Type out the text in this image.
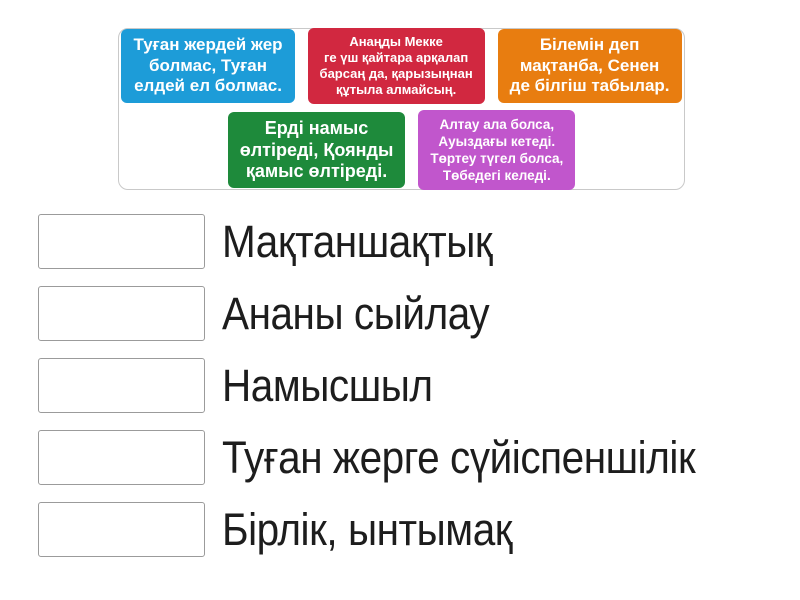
Туған жердей жер
болмас, Туған
елдей ел болмас.
Анаңды Мекке
ге үш қайтара арқалап
барсаң да, қарызыңнан
құтыла алмайсың.
Білемін деп
мақтанба, Сенен
де білгіш табылар.
Ерді намыс
өлтіреді, Қоянды
қамыс өлтіреді.
Алтау ала болса,
Ауыздағы кетеді.
Төртеу түгел болса,
Төбедегі келеді.
Мақтаншақтық
Ананы сыйлау
Намысшыл
Туған жерге сүйіспеншілік
Бірлік, ынтымақ
